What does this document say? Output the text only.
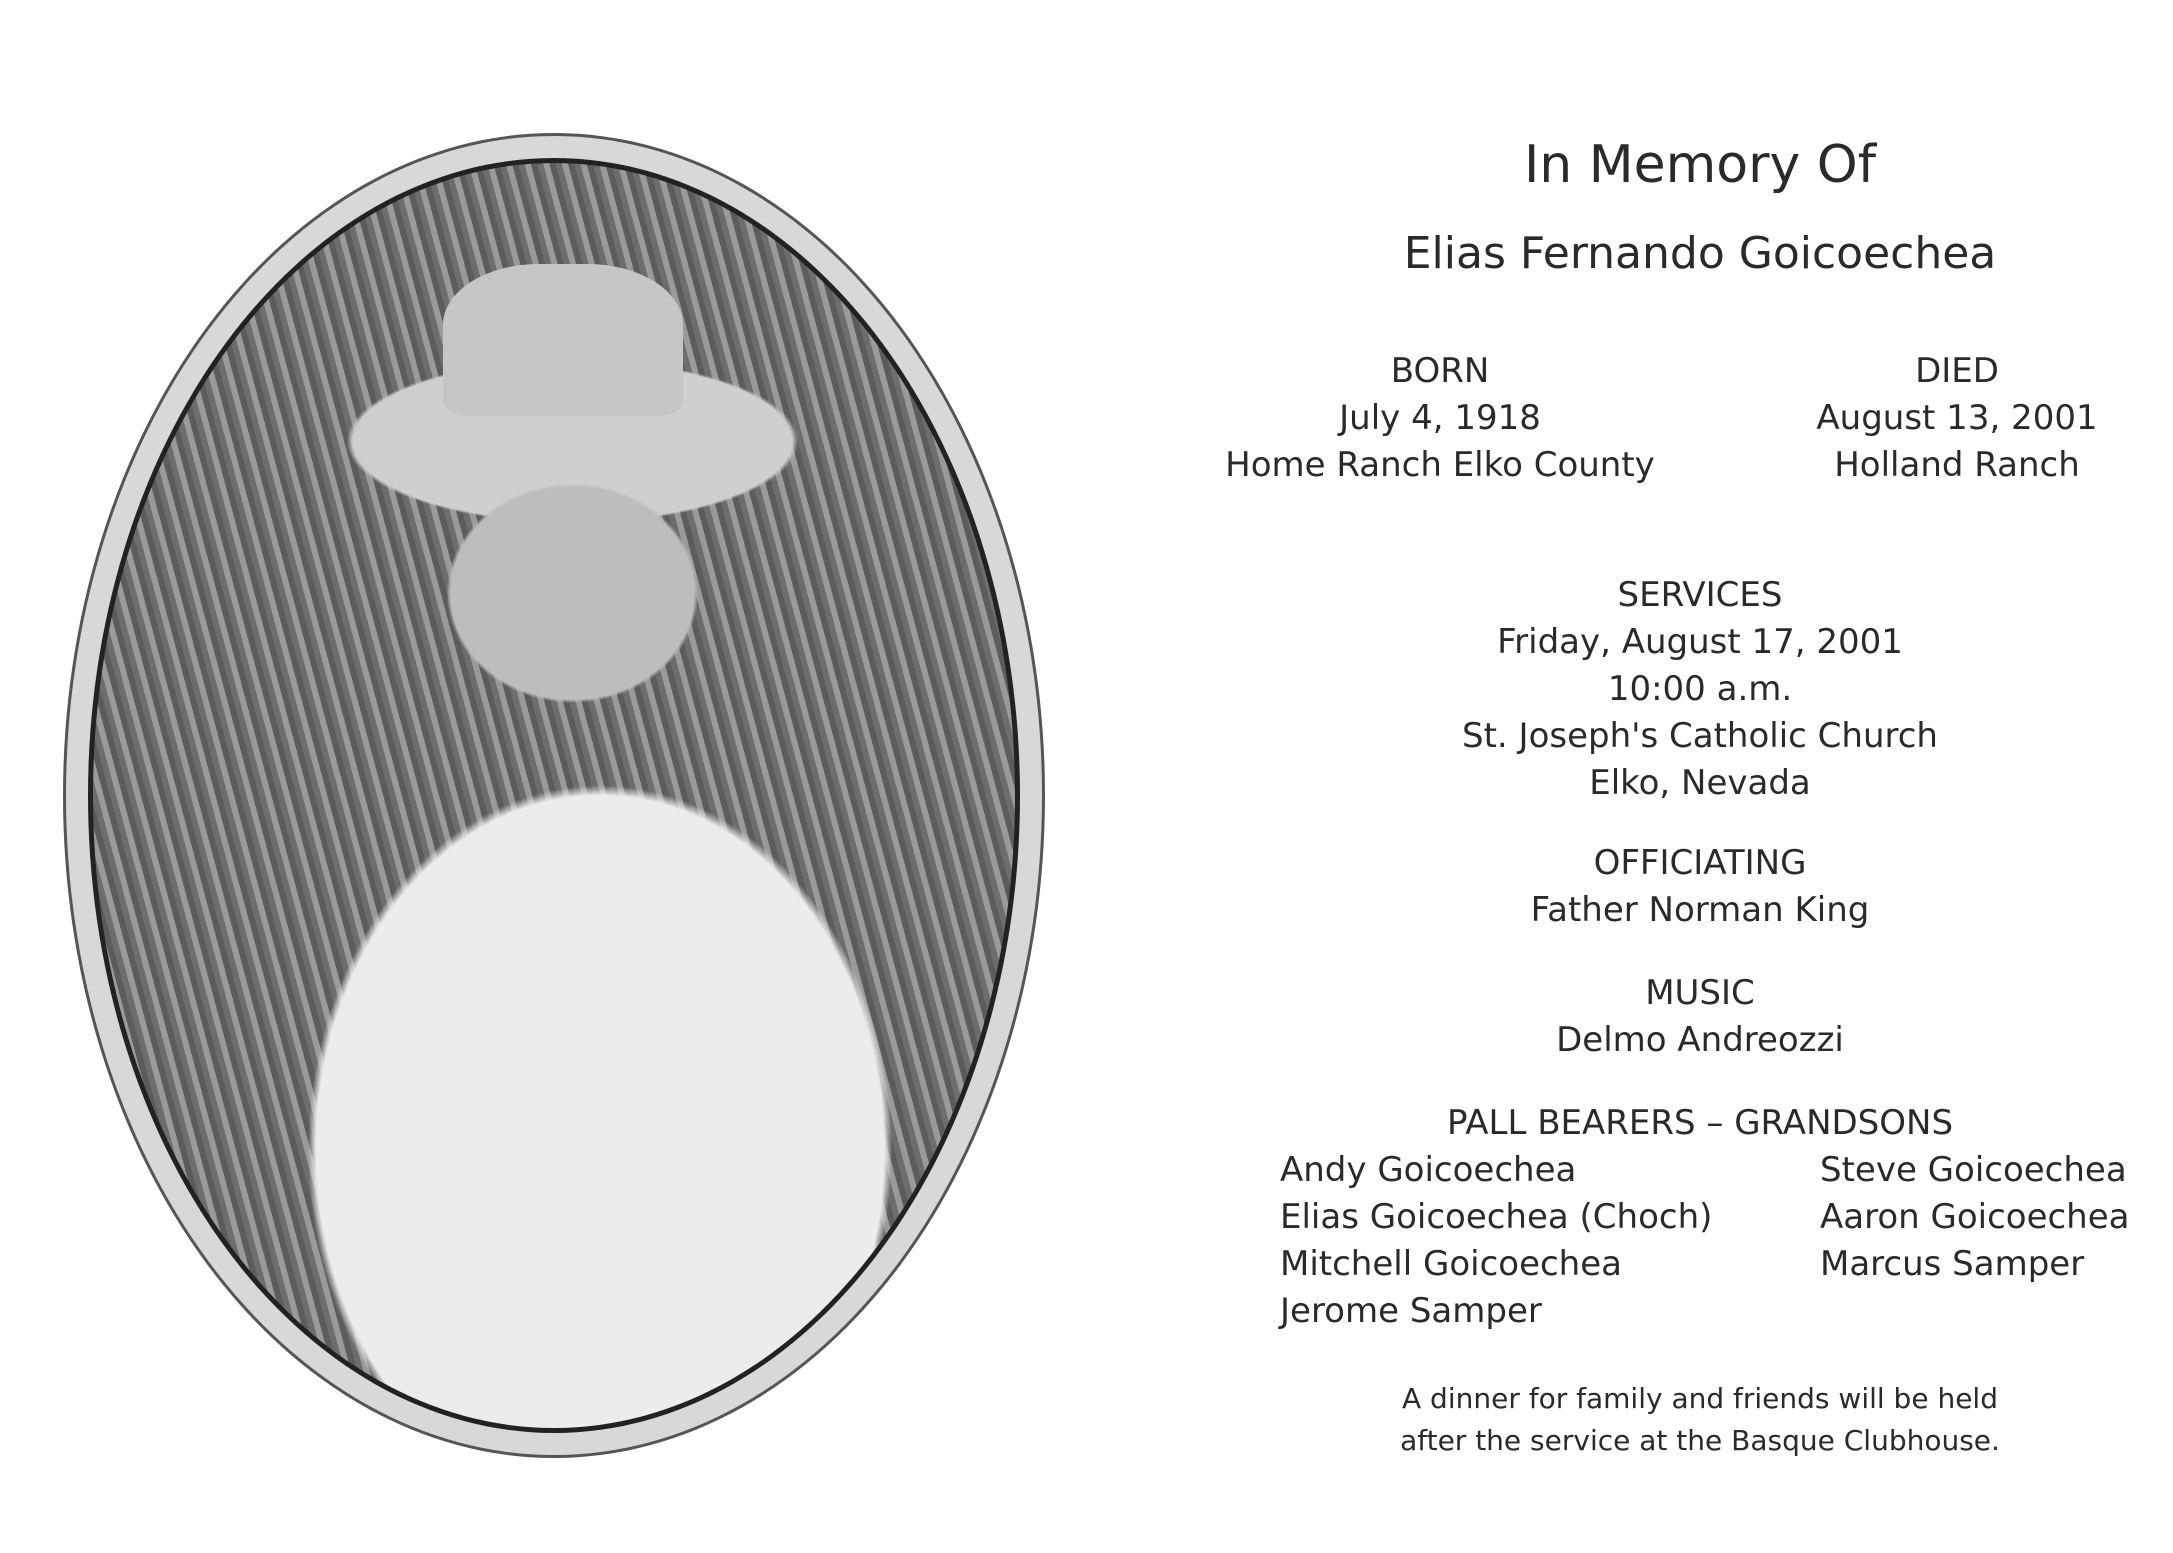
In Memory Of
Elias Fernando Goicoechea
BORN
July 4, 1918
Home Ranch Elko County
DIED
August 13, 2001
Holland Ranch
SERVICES
Friday, August 17, 2001
10:00 a.m.
St. Joseph's Catholic Church
Elko, Nevada
OFFICIATING
Father Norman King
MUSIC
Delmo Andreozzi
PALL BEARERS – GRANDSONS
Andy Goicoechea
Elias Goicoechea (Choch)
Mitchell Goicoechea
Jerome Samper
Steve Goicoechea
Aaron Goicoechea
Marcus Samper
A dinner for family and friends will be held
after the service at the Basque Clubhouse.
